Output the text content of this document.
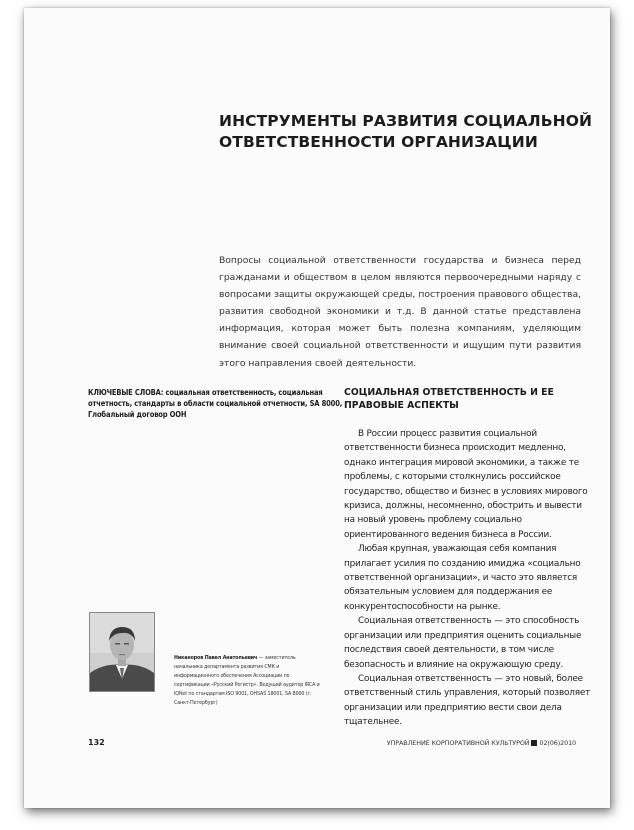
ИНСТРУМЕНТЫ РАЗВИТИЯ СОЦИАЛЬНОЙ
ОТВЕТСТВЕННОСТИ ОРГАНИЗАЦИИ
Вопросы социальной ответственности государства и бизнеса перед гражданами и обществом в целом являются первоочередными наряду с вопросами защиты окружающей среды, построения правового общества, развития свободной экономики и т.д. В данной статье представлена информация, которая может быть полезна компаниям, уделяющим внимание своей социальной ответственности и ищущим пути развития этого направления своей деятельности.
КЛЮЧЕВЫЕ СЛОВА: социальная ответственность, социальная отчетность, стандарты в области социальной отчетности, SA 8000, Глобальный договор ООН
СОЦИАЛЬНАЯ ОТВЕТСТВЕННОСТЬ И ЕЕ
ПРАВОВЫЕ АСПЕКТЫ

В России процесс развития социальной ответственности бизнеса происходит медленно, однако интеграция мировой экономики, а также те проблемы, с которыми столкнулись российское государство, общество и бизнес в условиях мирового кризиса, должны, несомненно, обострить и вывести на новый уровень проблему социально ориентированного ведения бизнеса в России.

Любая крупная, уважающая себя компания прилагает усилия по созданию имиджа «социально ответственной организации», и часто это является обязательным условием для поддержания ее конкурентоспособности на рынке.

Социальная ответственность — это способность организации или предприятия оценить социальные последствия своей деятельности, в том числе безопасность и влияние на окружающую среду.

Социальная ответственность — это новый, более ответственный стиль управления, который позволяет организации или предприятию вести свои дела тщательнее.

Никаноров Павел Анатольевич — заместитель начальника департамента развития СМК и информационного обеспечения Ассоциации по сертификации «Русский Регистр». Ведущий аудитор IRCA и IQNet по стандартам ISO 9001, OHSAS 18001, SA 8000 (г. Санкт-Петербург)
132	УПРАВЛЕНИЕ КОРПОРАТИВНОЙ КУЛЬТУРОЙ 02(06)2010
